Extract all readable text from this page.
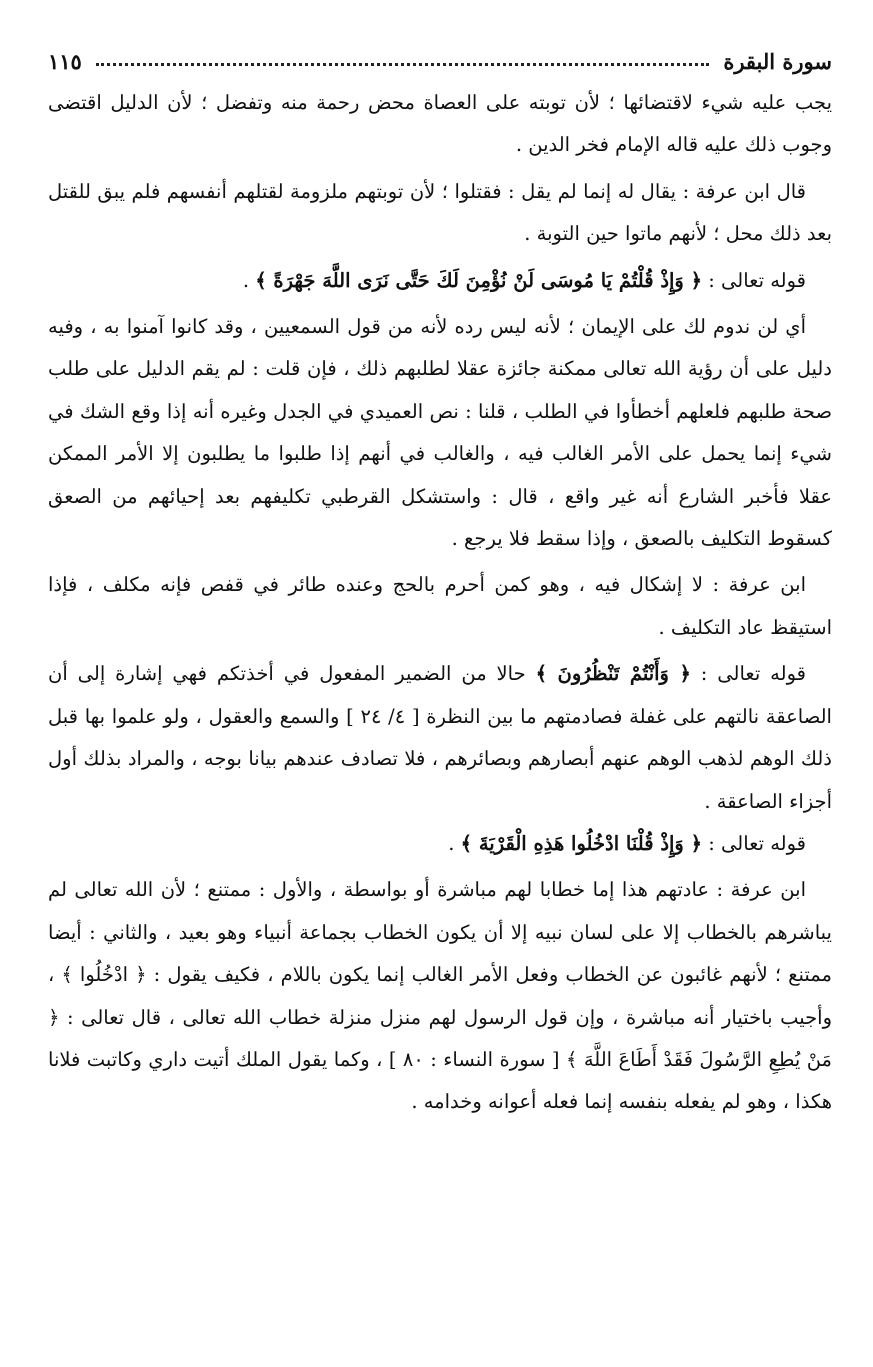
سورة البقرة
١١٥

يجب عليه شيء لاقتضائها ؛ لأن توبته على العصاة محض رحمة منه وتفضل ؛ لأن الدليل اقتضى وجوب ذلك عليه قاله الإمام فخر الدين .

قال ابن عرفة : يقال له إنما لم يقل : فقتلوا ؛ لأن توبتهم ملزومة لقتلهم أنفسهم فلم يبق للقتل بعد ذلك محل ؛ لأنهم ماتوا حين التوبة .

قوله تعالى : ﴿ وَإِذْ قُلْتُمْ يَا مُوسَى لَنْ نُؤْمِنَ لَكَ حَتَّى نَرَى اللَّهَ جَهْرَةً ﴾ .

أي لن ندوم لك على الإيمان ؛ لأنه ليس رده لأنه من قول السمعيين ، وقد كانوا آمنوا به ، وفيه دليل على أن رؤية الله تعالى ممكنة جائزة عقلا لطلبهم ذلك ، فإن قلت : لم يقم الدليل على طلب صحة طلبهم فلعلهم أخطأوا في الطلب ، قلنا : نص العميدي في الجدل وغيره أنه إذا وقع الشك في شيء إنما يحمل على الأمر الغالب فيه ، والغالب في أنهم إذا طلبوا ما يطلبون إلا الأمر الممكن عقلا فأخبر الشارع أنه غير واقع ، قال : واستشكل القرطبي تكليفهم بعد إحيائهم من الصعق كسقوط التكليف بالصعق ، وإذا سقط فلا يرجع .

ابن عرفة : لا إشكال فيه ، وهو كمن أحرم بالحج وعنده طائر في قفص فإنه مكلف ، فإذا استيقظ عاد التكليف .

قوله تعالى : ﴿ وَأَنْتُمْ تَنْظُرُونَ ﴾ حالا من الضمير المفعول في أخذتكم فهي إشارة إلى أن الصاعقة نالتهم على غفلة فصادمتهم ما بين النظرة [ ٤/ ٢٤ ] والسمع والعقول ، ولو علموا بها قبل ذلك الوهم لذهب الوهم عنهم أبصارهم وبصائرهم ، فلا تصادف عندهم بيانا بوجه ، والمراد بذلك أول أجزاء الصاعقة .

قوله تعالى : ﴿ وَإِذْ قُلْنَا ادْخُلُوا هَذِهِ الْقَرْيَةَ ﴾ .

ابن عرفة : عادتهم هذا إما خطابا لهم مباشرة أو بواسطة ، والأول : ممتنع ؛ لأن الله تعالى لم يباشرهم بالخطاب إلا على لسان نبيه إلا أن يكون الخطاب بجماعة أنبياء وهو بعيد ، والثاني : أيضا ممتنع ؛ لأنهم غائبون عن الخطاب وفعل الأمر الغالب إنما يكون باللام ، فكيف يقول : ﴿ ادْخُلُوا ﴾ ، وأجيب باختيار أنه مباشرة ، وإن قول الرسول لهم منزل منزلة خطاب الله تعالى ، قال تعالى : ﴿ مَنْ يُطِعِ الرَّسُولَ فَقَدْ أَطَاعَ اللَّهَ ﴾ [ سورة النساء : ٨٠ ] ، وكما يقول الملك أتيت داري وكاتبت فلانا هكذا ، وهو لم يفعله بنفسه إنما فعله أعوانه وخدامه .
